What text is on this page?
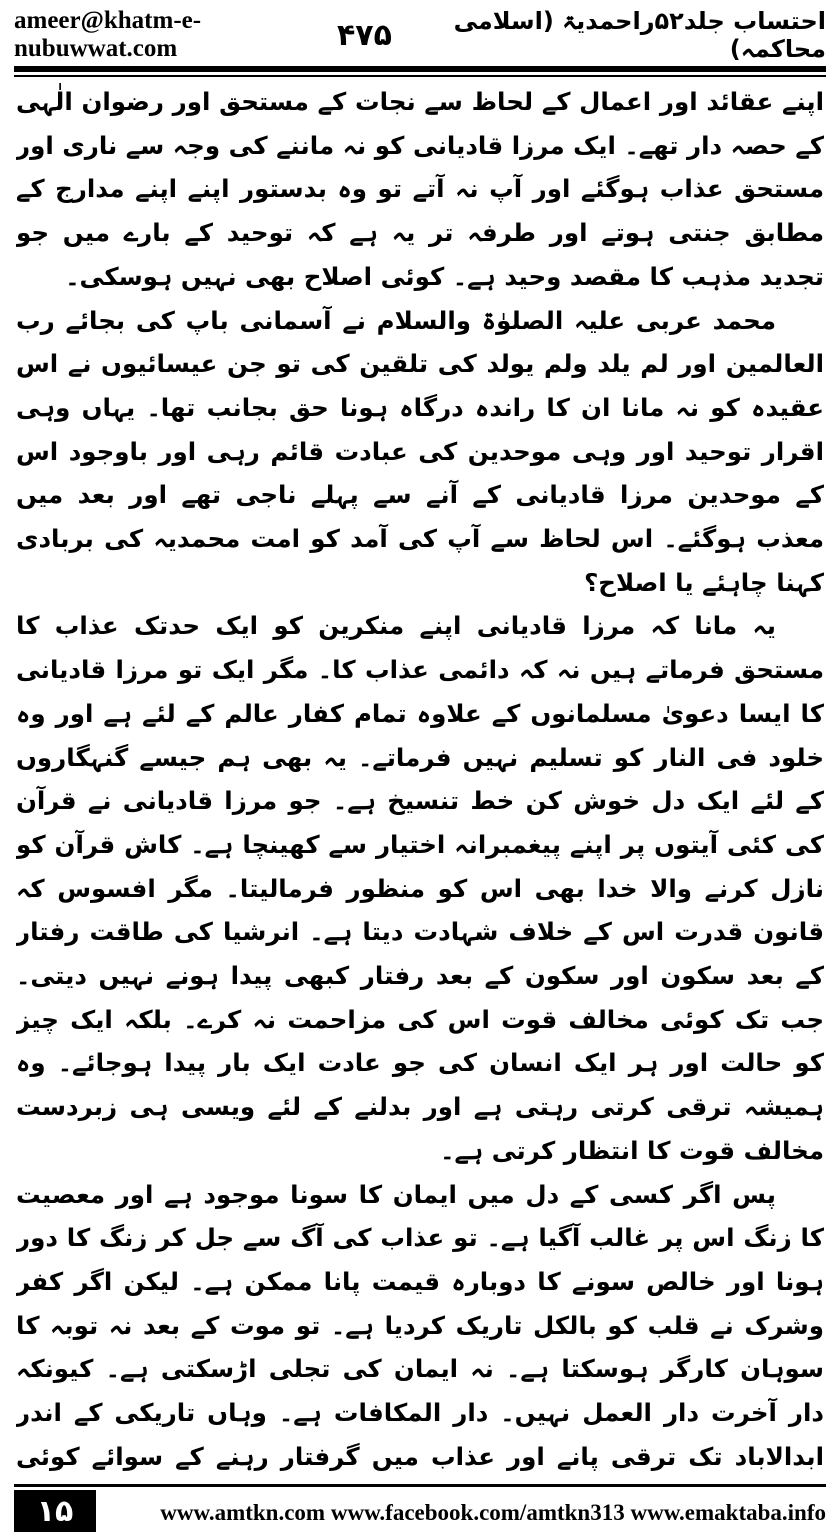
ameer@khatm-e-nubuwwat.com	۴۷۵	احتساب جلد۵۲راحمدیۃ (اسلامی محاکمہ)

اپنے عقائد اور اعمال کے لحاظ سے نجات کے مستحق اور رضوان الٰہی کے حصہ دار تھے۔ ایک مرزا قادیانی کو نہ ماننے کی وجہ سے ناری اور مستحق عذاب ہوگئے اور آپ نہ آتے تو وہ بدستور اپنے اپنے مدارج کے مطابق جنتی ہوتے اور طرفہ تر یہ ہے کہ توحید کے بارے میں جو تجدید مذہب کا مقصد وحید ہے۔ کوئی اصلاح بھی نہیں ہوسکی۔

محمد عربی علیہ الصلوٰۃ والسلام نے آسمانی باپ کی بجائے رب العالمین اور لم یلد ولم یولد کی تلقین کی تو جن عیسائیوں نے اس عقیدہ کو نہ مانا ان کا راندہ درگاہ ہونا حق بجانب تھا۔ یہاں وہی اقرار توحید اور وہی موحدین کی عبادت قائم رہی اور باوجود اس کے موحدین مرزا قادیانی کے آنے سے پہلے ناجی تھے اور بعد میں معذب ہوگئے۔ اس لحاظ سے آپ کی آمد کو امت محمدیہ کی بربادی کہنا چاہئے یا اصلاح؟

یہ مانا کہ مرزا قادیانی اپنے منکرین کو ایک حدتک عذاب کا مستحق فرماتے ہیں نہ کہ دائمی عذاب کا۔ مگر ایک تو مرزا قادیانی کا ایسا دعویٰ مسلمانوں کے علاوہ تمام کفار عالم کے لئے ہے اور وہ خلود فی النار کو تسلیم نہیں فرماتے۔ یہ بھی ہم جیسے گنہگاروں کے لئے ایک دل خوش کن خط تنسیخ ہے۔ جو مرزا قادیانی نے قرآن کی کئی آیتوں پر اپنے پیغمبرانہ اختیار سے کھینچا ہے۔ کاش قرآن کو نازل کرنے والا خدا بھی اس کو منظور فرمالیتا۔ مگر افسوس کہ قانون قدرت اس کے خلاف شہادت دیتا ہے۔ انرشیا کی طاقت رفتار کے بعد سکون اور سکون کے بعد رفتار کبھی پیدا ہونے نہیں دیتی۔ جب تک کوئی مخالف قوت اس کی مزاحمت نہ کرے۔ بلکہ ایک چیز کو حالت اور ہر ایک انسان کی جو عادت ایک بار پیدا ہوجائے۔ وہ ہمیشہ ترقی کرتی رہتی ہے اور بدلنے کے لئے ویسی ہی زبردست مخالف قوت کا انتظار کرتی ہے۔

پس اگر کسی کے دل میں ایمان کا سونا موجود ہے اور معصیت کا زنگ اس پر غالب آگیا ہے۔ تو عذاب کی آگ سے جل کر زنگ کا دور ہونا اور خالص سونے کا دوبارہ قیمت پانا ممکن ہے۔ لیکن اگر کفر وشرک نے قلب کو بالکل تاریک کردیا ہے۔ تو موت کے بعد نہ توبہ کا سوہان کارگر ہوسکتا ہے۔ نہ ایمان کی تجلی اڑسکتی ہے۔ کیونکہ دار آخرت دار العمل نہیں۔ دار المکافات ہے۔ وہاں تاریکی کے اندر ابدالاباد تک ترقی پانے اور عذاب میں گرفتار رہنے کے سوائے کوئی

۱۵	www.amtkn.com www.facebook.com/amtkn313 www.emaktaba.info
